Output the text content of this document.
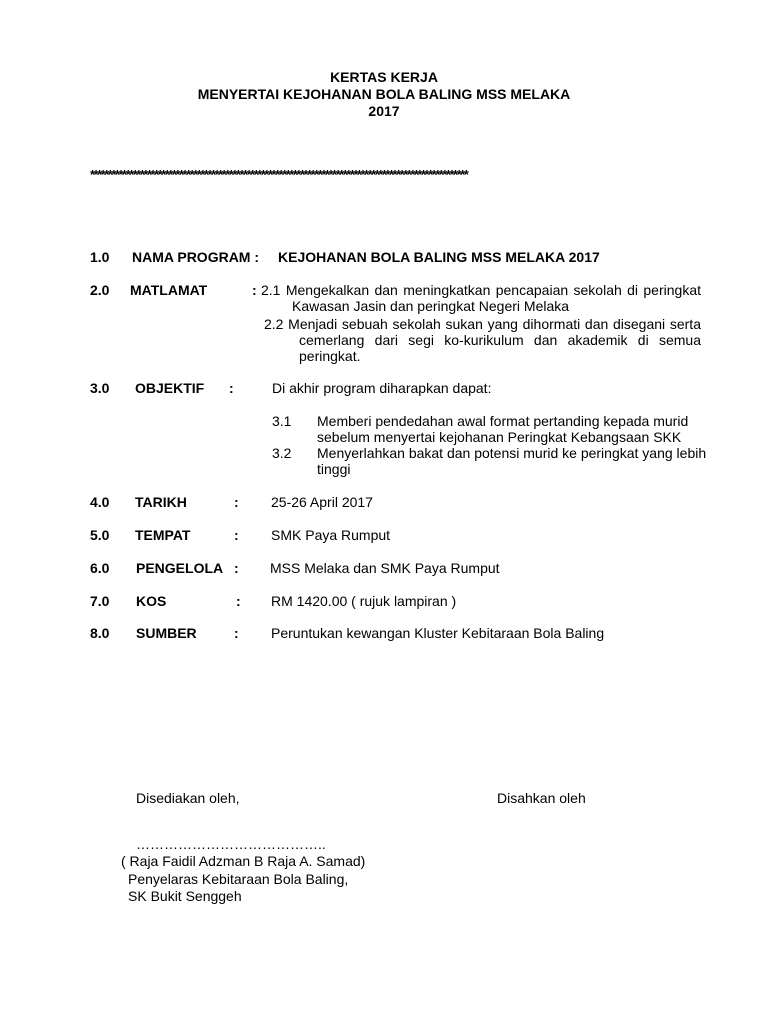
KERTAS KERJA
MENYERTAI KEJOHANAN BOLA BALING MSS MELAKA
2017
**********************************************************************************************************
1.0 NAMA PROGRAM : KEJOHANAN BOLA BALING MSS MELAKA 2017
2.0 MATLAMAT	: 2.1 Mengekalkan dan meningkatkan pencapaian sekolah di peringkat
Kawasan Jasin dan peringkat Negeri Melaka
2.2 Menjadi sebuah sekolah sukan yang dihormati dan disegani serta
cemerlang dari segi ko-kurikulum dan akademik di semua
peringkat.
3.0 OBJEKTIF :	Di akhir program diharapkan dapat:
3.1 Memberi pendedahan awal format pertanding kepada murid
sebelum menyertai kejohanan Peringkat Kebangsaan SKK
3.2 Menyerlahkan bakat dan potensi murid ke peringkat yang lebih
tinggi
4.0 TARIKH	: 25-26 April 2017
5.0 TEMPAT	: SMK Paya Rumput
6.0 PENGELOLA : MSS Melaka dan SMK Paya Rumput
7.0 KOS	: RM 1420.00 ( rujuk lampiran )
8.0 SUMBER	: Peruntukan kewangan Kluster Kebitaraan Bola Baling
Disediakan oleh,	Disahkan oleh
…………………………………..
( Raja Faidil Adzman B Raja A. Samad)
Penyelaras Kebitaraan Bola Baling,
SK Bukit Senggeh
